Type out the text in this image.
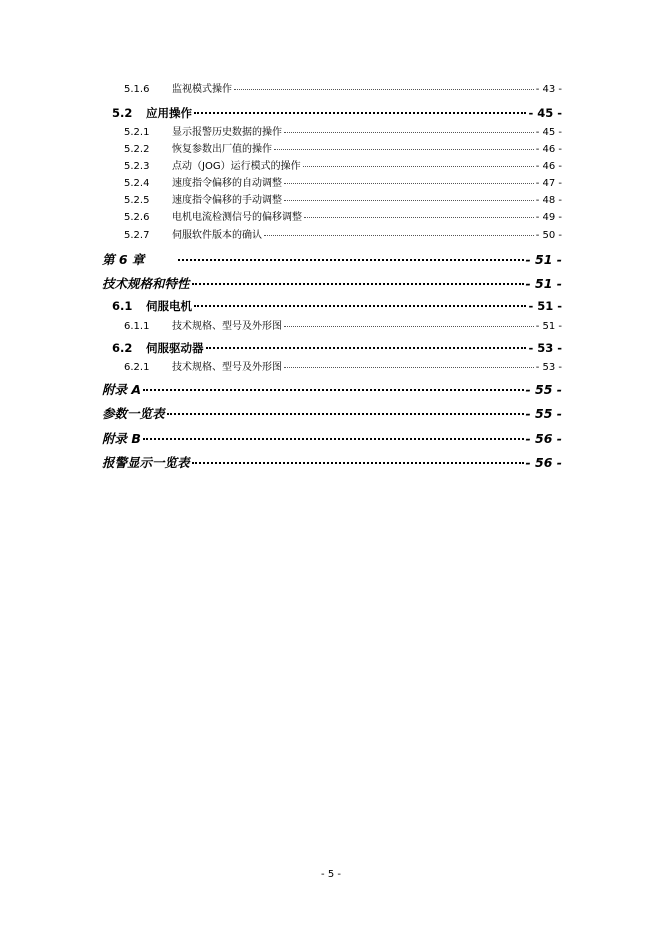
5.1.6	监视模式操作	- 43 -
5.2	应用操作	- 45 -
5.2.1	显示报警历史数据的操作	- 45 -
5.2.2	恢复参数出厂值的操作	- 46 -
5.2.3	点动（JOG）运行模式的操作	- 46 -
5.2.4	速度指令偏移的自动调整	- 47 -
5.2.5	速度指令偏移的手动调整	- 48 -
5.2.6	电机电流检测信号的偏移调整	- 49 -
5.2.7	伺服软件版本的确认	- 50 -
第 6 章	- 51 -
技术规格和特性	- 51 -
6.1	伺服电机	- 51 -
6.1.1	技术规格、型号及外形图	- 51 -
6.2	伺服驱动器	- 53 -
6.2.1	技术规格、型号及外形图	- 53 -
附录 A	- 55 -
参数一览表	- 55 -
附录 B	- 56 -
报警显示一览表	- 56 -
- 5 -
